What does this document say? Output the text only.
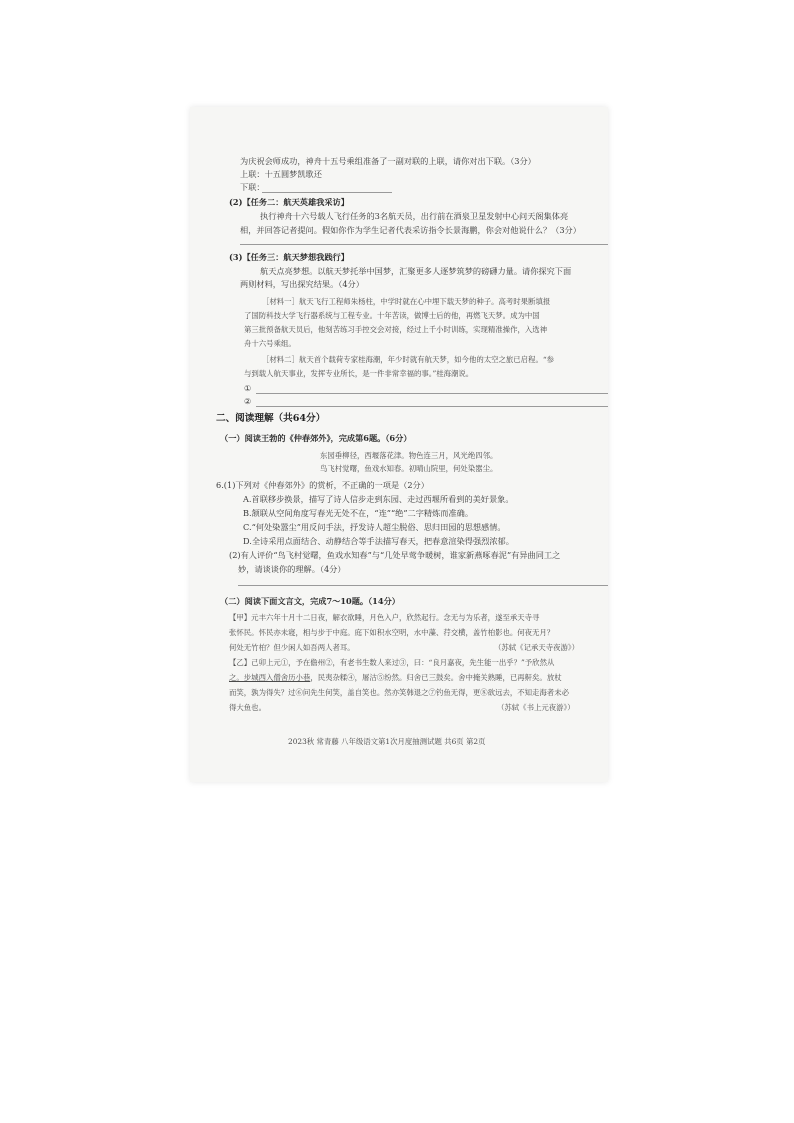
为庆祝会师成功，神舟十五号乘组准备了一副对联的上联，请你对出下联。（3分）
上联：十五圆梦凯歌还
下联：
(2)【任务二：航天英雄我采访】
执行神舟十六号载人飞行任务的3名航天员，出行前在酒泉卫星发射中心问天阁集体亮
相，并回答记者提问。假如你作为学生记者代表采访指令长景海鹏，你会对他说什么？（3分）
(3)【任务三：航天梦想我践行】
航天点亮梦想。以航天梦托举中国梦，汇聚更多人逐梦筑梦的磅礴力量。请你探究下面
两则材料，写出探究结果。（4分）
［材料一］航天飞行工程师朱杨柱，中学时就在心中埋下载天梦的种子。高考时果断填报
了国防科技大学飞行器系统与工程专业。十年苦读，做博士后的他，再燃飞天梦。成为中国
第三批预备航天员后，他刻苦练习手控交会对接，经过上千小时训练，实现精准操作，入选神
舟十六号乘组。
［材料二］航天首个载荷专家桂海潮，年少时就有航天梦，如今他的太空之旅已启程。“参
与到载人航天事业，发挥专业所长，是一件非常幸福的事。”桂海潮说。
①
②
二、阅读理解（共64分）
（一）阅读王勃的《仲春郊外》，完成第6题。（6分）
东园垂柳径，西堰落花津。物色连三月，风光绝四邻。
鸟飞村觉曙，鱼戏水知春。初晴山院里，何处染嚣尘。
6.(1)下列对《仲春郊外》的赏析，不正确的一项是（2分）
A.首联移步换景，描写了诗人信步走到东园、走过西堰所看到的美好景象。
B.颔联从空间角度写春光无处不在，“连”“绝”二字精炼而准确。
C.“何处染嚣尘”用反问手法，抒发诗人超尘脱俗、思归田园的思想感情。
D.全诗采用点面结合、动静结合等手法描写春天，把春意渲染得强烈浓郁。
(2)有人评价“鸟飞村觉曙，鱼戏水知春”与“几处早莺争暖树，谁家新燕啄春泥”有异曲同工之
妙，请谈谈你的理解。（4分）
（二）阅读下面文言文，完成7～10题。（14分）
【甲】元丰六年十月十二日夜，解衣欲睡，月色入户，欣然起行。念无与为乐者，遂至承天寺寻
张怀民。怀民亦未寝，相与步于中庭。庭下如积水空明，水中藻、荇交横，盖竹柏影也。何夜无月？
何处无竹柏？但少闲人如吾两人者耳。	（苏轼《记承天寺夜游》）
【乙】己卯上元①，予在儋州②，有老书生数人来过③，曰：“良月嘉夜，先生能一出乎？”予欣然从
之。步城西入僧舍历小巷，民夷杂糅④，屠沽⑤纷然。归舍已三鼓矣。舍中掩关熟睡，已再鼾矣。放杖
而笑，孰为得失？过⑥问先生何笑，盖自笑也。然亦笑韩退之⑦钓鱼无得，更⑧欲远去，不知走海者未必
得大鱼也。	（苏轼《书上元夜游》）
2023秋 常青藤 八年级语文第1次月度抽测试题 共6页 第2页
